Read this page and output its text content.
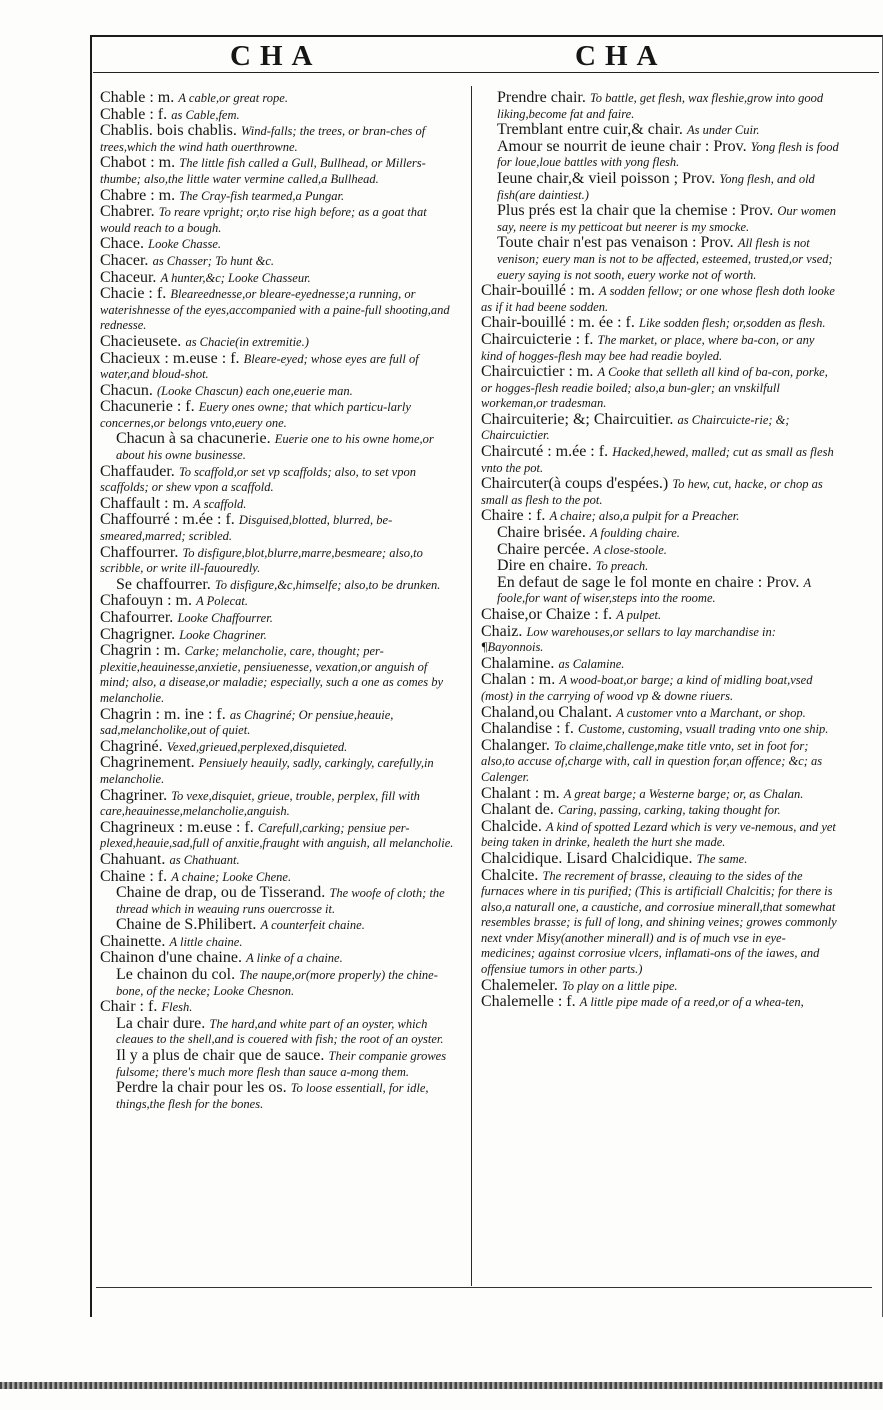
CHA	CHA

Chable : m. A cable,or great rope.

Chable : f. as Cable,fem.

Chablis. bois chablis. Wind-falls; the trees, or bran-ches of trees,which the wind hath ouerthrowne.

Chabot : m. The little fish called a Gull, Bullhead, or Millers-thumbe; also,the little water vermine called,a Bullhead.

Chabre : m. The Cray-fish tearmed,a Pungar.

Chabrer. To reare vpright; or,to rise high before; as a goat that would reach to a bough.

Chace. Looke Chasse.

Chacer. as Chasser; To hunt &c.

Chaceur. A hunter,&c; Looke Chasseur.

Chacie : f. Bleareednesse,or bleare-eyednesse;a running, or waterishnesse of the eyes,accompanied with a paine-full shooting,and rednesse.

Chacieusete. as Chacie(in extremitie.)

Chacieux : m.euse : f. Bleare-eyed; whose eyes are full of water,and bloud-shot.

Chacun. (Looke Chascun) each one,euerie man.

Chacunerie : f. Euery ones owne; that which particu-larly concernes,or belongs vnto,euery one.

Chacun à sa chacunerie. Euerie one to his owne home,or about his owne businesse.

Chaffauder. To scaffold,or set vp scaffolds; also, to set vpon scaffolds; or shew vpon a scaffold.

Chaffault : m. A scaffold.

Chaffourré : m.ée : f. Disguised,blotted, blurred, be-smeared,marred; scribled.

Chaffourrer. To disfigure,blot,blurre,marre,besmeare; also,to scribble, or write ill-fauouredly.

Se chaffourrer. To disfigure,&c,himselfe; also,to be drunken.

Chafouyn : m. A Polecat.

Chafourrer. Looke Chaffourrer.

Chagrigner. Looke Chagriner.

Chagrin : m. Carke; melancholie, care, thought; per-plexitie,heauinesse,anxietie, pensiuenesse, vexation,or anguish of mind; also, a disease,or maladie; especially, such a one as comes by melancholie.

Chagrin : m. ine : f. as Chagriné; Or pensiue,heauie, sad,melancholike,out of quiet.

Chagriné. Vexed,grieued,perplexed,disquieted.

Chagrinement. Pensiuely heauily, sadly, carkingly, carefully,in melancholie.

Chagriner. To vexe,disquiet, grieue, trouble, perplex, fill with care,heauinesse,melancholie,anguish.

Chagrineux : m.euse : f. Carefull,carking; pensiue per-plexed,heauie,sad,full of anxitie,fraught with anguish, all melancholie.

Chahuant. as Chathuant.

Chaine : f. A chaine; Looke Chene.

Chaine de drap, ou de Tisserand. The woofe of cloth; the thread which in weauing runs ouercrosse it.

Chaine de S.Philibert. A counterfeit chaine.

Chainette. A little chaine.

Chainon d'une chaine. A linke of a chaine.

Le chainon du col. The naupe,or(more properly) the chine-bone, of the necke; Looke Chesnon.

Chair : f. Flesh.

La chair dure. The hard,and white part of an oyster, which cleaues to the shell,and is couered with fish; the root of an oyster.

Il y a plus de chair que de sauce. Their companie growes fulsome; there's much more flesh than sauce a-mong them.

Perdre la chair pour les os. To loose essentiall, for idle, things,the flesh for the bones.

Prendre chair. To battle, get flesh, wax fleshie,grow into good liking,become fat and faire.

Tremblant entre cuir,& chair. As under Cuir.

Amour se nourrit de ieune chair : Prov. Yong flesh is food for loue,loue battles with yong flesh.

Ieune chair,& vieil poisson ; Prov. Yong flesh, and old fish(are daintiest.)

Plus prés est la chair que la chemise : Prov. Our women say, neere is my petticoat but neerer is my smocke.

Toute chair n'est pas venaison : Prov. All flesh is not venison; euery man is not to be affected, esteemed, trusted,or vsed; euery saying is not sooth, euery worke not of worth.

Chair-bouillé : m. A sodden fellow; or one whose flesh doth looke as if it had beene sodden.

Chair-bouillé : m. ée : f. Like sodden flesh; or,sodden as flesh.

Chaircuicterie : f. The market, or place, where ba-con, or any kind of hogges-flesh may bee had readie boyled.

Chaircuictier : m. A Cooke that selleth all kind of ba-con, porke, or hogges-flesh readie boiled; also,a bun-gler; an vnskilfull workeman,or tradesman.

Chaircuiterie; &; Chaircuitier. as Chaircuicte-rie; &; Chaircuictier.

Chaircuté : m.ée : f. Hacked,hewed, malled; cut as small as flesh vnto the pot.

Chaircuter(à coups d'espées.) To hew, cut, hacke, or chop as small as flesh to the pot.

Chaire : f. A chaire; also,a pulpit for a Preacher.

Chaire brisée. A foulding chaire.

Chaire percée. A close-stoole.

Dire en chaire. To preach.

En defaut de sage le fol monte en chaire : Prov. A foole,for want of wiser,steps into the roome.

Chaise,or Chaize : f. A pulpet.

Chaiz. Low warehouses,or sellars to lay marchandise in: ¶Bayonnois.

Chalamine. as Calamine.

Chalan : m. A wood-boat,or barge; a kind of midling boat,vsed (most) in the carrying of wood vp & downe riuers.

Chaland,ou Chalant. A customer vnto a Marchant, or shop.

Chalandise : f. Custome, customing, vsuall trading vnto one ship.

Chalanger. To claime,challenge,make title vnto, set in foot for; also,to accuse of,charge with, call in question for,an offence; &c; as Calenger.

Chalant : m. A great barge; a Westerne barge; or, as Chalan.

Chalant de. Caring, passing, carking, taking thought for.

Chalcide. A kind of spotted Lezard which is very ve-nemous, and yet being taken in drinke, healeth the hurt she made.

Chalcidique. Lisard Chalcidique. The same.

Chalcite. The recrement of brasse, cleauing to the sides of the furnaces where in tis purified; (This is artificiall Chalcitis; for there is also,a naturall one, a caustiche, and corrosiue minerall,that somewhat resembles brasse; is full of long, and shining veines; growes commonly next vnder Misy(another minerall) and is of much vse in eye-medicines; against corrosiue vlcers, inflamati-ons of the iawes, and offensiue tumors in other parts.)

Chalemeler. To play on a little pipe.

Chalemelle : f. A little pipe made of a reed,or of a whea-ten,
